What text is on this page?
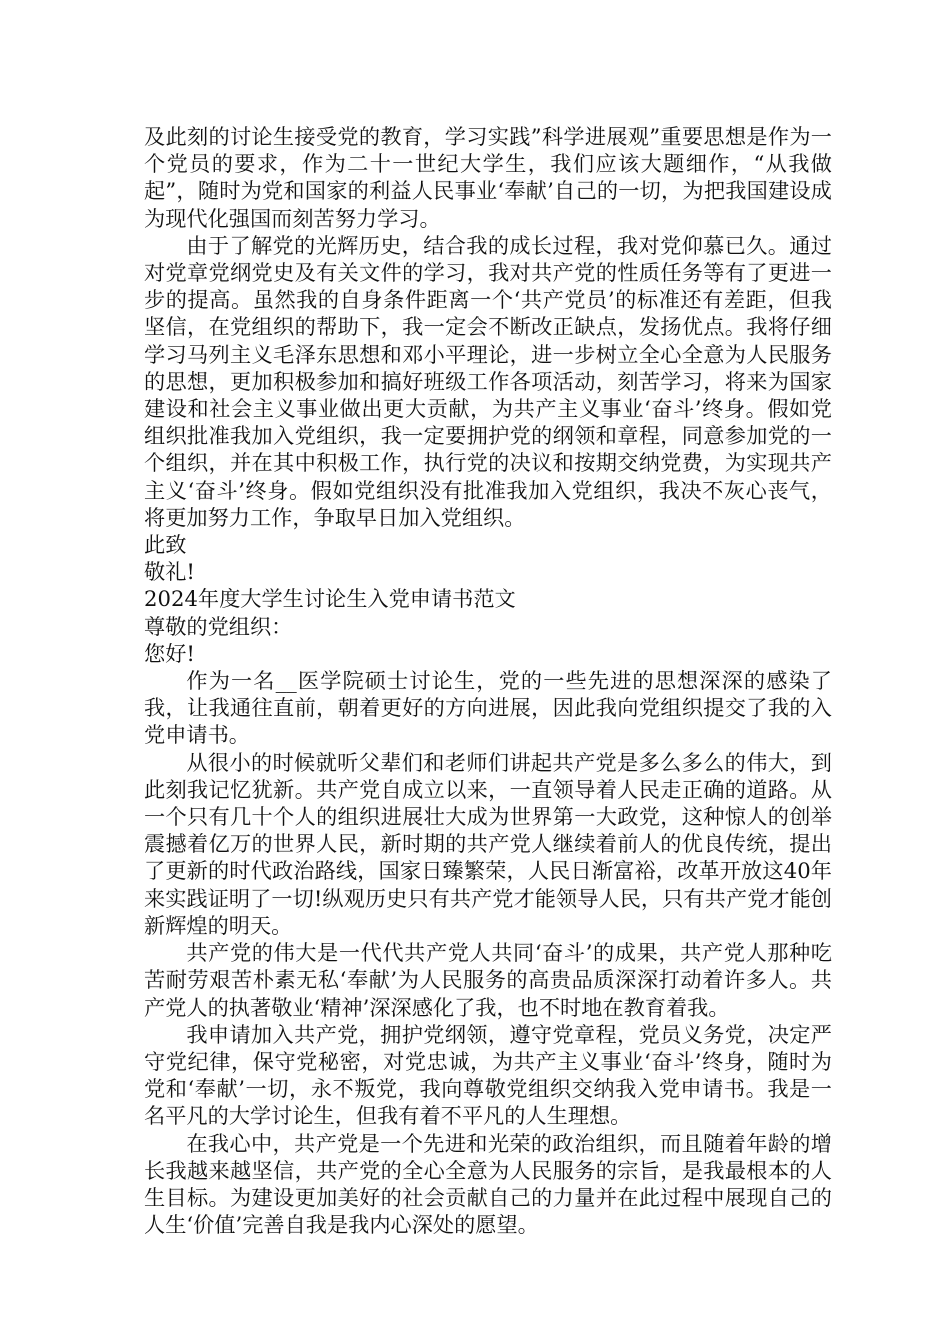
及此刻的讨论生接受党的教育，学习实践”科学进展观”重要思想是作为一个党员的要求，作为二十一世纪大学生，我们应该大题细作，“从我做起”，随时为党和国家的利益人民事业‘奉献’自己的一切，为把我国建设成为现代化强国而刻苦努力学习。

由于了解党的光辉历史，结合我的成长过程，我对党仰慕已久。通过对党章党纲党史及有关文件的学习，我对共产党的性质任务等有了更进一步的提高。虽然我的自身条件距离一个‘共产党员’的标准还有差距，但我坚信，在党组织的帮助下，我一定会不断改正缺点，发扬优点。我将仔细学习马列主义毛泽东思想和邓小平理论，进一步树立全心全意为人民服务的思想，更加积极参加和搞好班级工作各项活动，刻苦学习，将来为国家建设和社会主义事业做出更大贡献，为共产主义事业‘奋斗’终身。假如党组织批准我加入党组织，我一定要拥护党的纲领和章程，同意参加党的一个组织，并在其中积极工作，执行党的决议和按期交纳党费，为实现共产主义‘奋斗’终身。假如党组织没有批准我加入党组织，我决不灰心丧气，将更加努力工作，争取早日加入党组织。

此致

敬礼!

2024年度大学生讨论生入党申请书范文

尊敬的党组织：

您好!

作为一名__医学院硕士讨论生，党的一些先进的思想深深的感染了我，让我通往直前，朝着更好的方向进展，因此我向党组织提交了我的入党申请书。

从很小的时候就听父辈们和老师们讲起共产党是多么多么的伟大，到此刻我记忆犹新。共产党自成立以来，一直领导着人民走正确的道路。从一个只有几十个人的组织进展壮大成为世界第一大政党，这种惊人的创举震撼着亿万的世界人民，新时期的共产党人继续着前人的优良传统，提出了更新的时代政治路线，国家日臻繁荣，人民日渐富裕，改革开放这40年来实践证明了一切!纵观历史只有共产党才能领导人民，只有共产党才能创新辉煌的明天。

共产党的伟大是一代代共产党人共同‘奋斗’的成果，共产党人那种吃苦耐劳艰苦朴素无私‘奉献’为人民服务的高贵品质深深打动着许多人。共产党人的执著敬业‘精神’深深感化了我，也不时地在教育着我。

我申请加入共产党，拥护党纲领，遵守党章程，党员义务党，决定严守党纪律，保守党秘密，对党忠诚，为共产主义事业‘奋斗’终身，随时为党和‘奉献’一切，永不叛党，我向尊敬党组织交纳我入党申请书。我是一名平凡的大学讨论生，但我有着不平凡的人生理想。

在我心中，共产党是一个先进和光荣的政治组织，而且随着年龄的增长我越来越坚信，共产党的全心全意为人民服务的宗旨，是我最根本的人生目标。为建设更加美好的社会贡献自己的力量并在此过程中展现自己的人生‘价值’完善自我是我内心深处的愿望。
